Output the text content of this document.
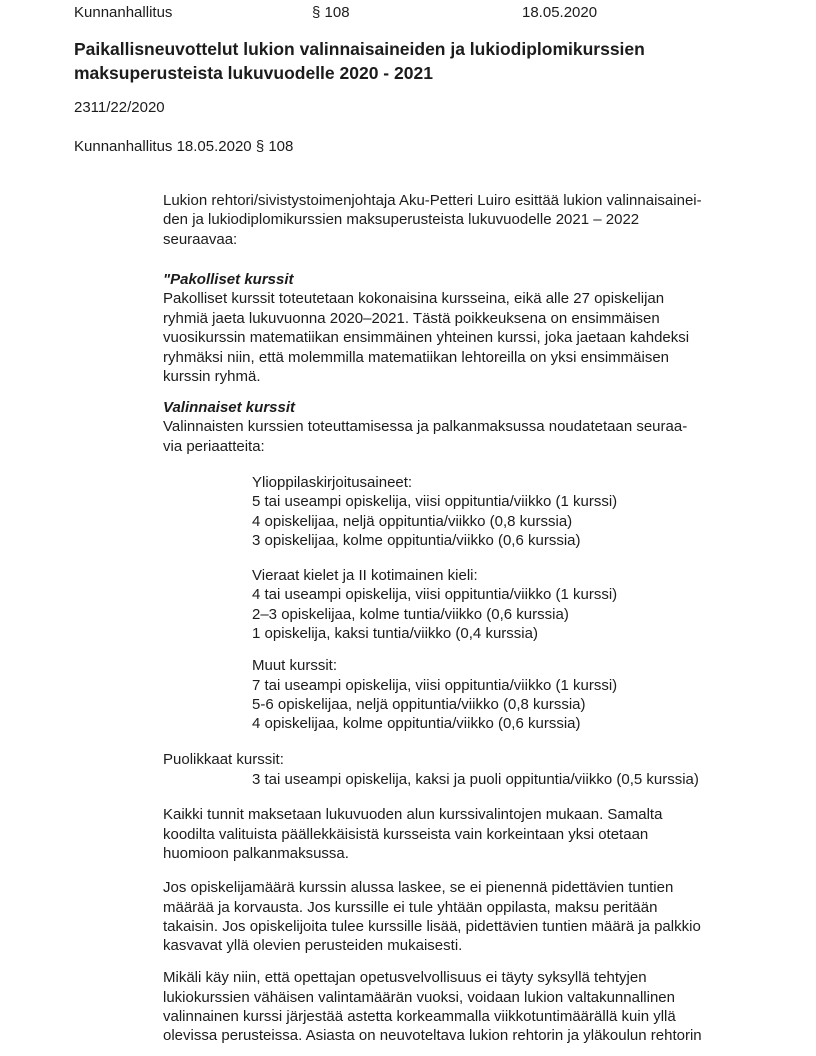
Kunnanhallitus	§ 108	18.05.2020
Paikallisneuvottelut lukion valinnaisaineiden ja lukiodiplomikurssien
maksuperusteista lukuvuodelle 2020 - 2021
2311/22/2020
Kunnanhallitus 18.05.2020 § 108
Lukion rehtori/sivistystoimenjohtaja Aku-Petteri Luiro esittää lukion valinnaisainei-
den ja lukiodiplomikurssien maksuperusteista lukuvuodelle 2021 – 2022
seuraavaa:
"Pakolliset kurssit
Pakolliset kurssit toteutetaan kokonaisina kursseina, eikä alle 27 opiskelijan
ryhmiä jaeta lukuvuonna 2020–2021. Tästä poikkeuksena on ensimmäisen
vuosikurssin matematiikan ensimmäinen yhteinen kurssi, joka jaetaan kahdeksi
ryhmäksi niin, että molemmilla matematiikan lehtoreilla on yksi ensimmäisen
kurssin ryhmä.
Valinnaiset kurssit
Valinnaisten kurssien toteuttamisessa ja palkanmaksussa noudatetaan seuraa-
via periaatteita:
Ylioppilaskirjoitusaineet:
5 tai useampi opiskelija, viisi oppituntia/viikko (1 kurssi)
4 opiskelijaa, neljä oppituntia/viikko (0,8 kurssia)
3 opiskelijaa, kolme oppituntia/viikko (0,6 kurssia)
Vieraat kielet ja II kotimainen kieli:
4 tai useampi opiskelija, viisi oppituntia/viikko (1 kurssi)
2–3 opiskelijaa, kolme tuntia/viikko (0,6 kurssia)
1 opiskelija, kaksi tuntia/viikko (0,4 kurssia)
Muut kurssit:
7 tai useampi opiskelija, viisi oppituntia/viikko (1 kurssi)
5-6 opiskelijaa, neljä oppituntia/viikko (0,8 kurssia)
4 opiskelijaa, kolme oppituntia/viikko (0,6 kurssia)
Puolikkaat kurssit:
3 tai useampi opiskelija, kaksi ja puoli oppituntia/viikko (0,5 kurssia)
Kaikki tunnit maksetaan lukuvuoden alun kurssivalintojen mukaan. Samalta
koodilta valituista päällekkäisistä kursseista vain korkeintaan yksi otetaan
huomioon palkanmaksussa.
Jos opiskelijamäärä kurssin alussa laskee, se ei pienennä pidettävien tuntien
määrää ja korvausta. Jos kurssille ei tule yhtään oppilasta, maksu peritään
takaisin. Jos opiskelijoita tulee kurssille lisää, pidettävien tuntien määrä ja palkkio
kasvavat yllä olevien perusteiden mukaisesti.
Mikäli käy niin, että opettajan opetusvelvollisuus ei täyty syksyllä tehtyjen
lukiokurssien vähäisen valintamäärän vuoksi, voidaan lukion valtakunnallinen
valinnainen kurssi järjestää astetta korkeammalla viikkotuntimäärällä kuin yllä
olevissa perusteissa. Asiasta on neuvoteltava lukion rehtorin ja yläkoulun rehtorin
